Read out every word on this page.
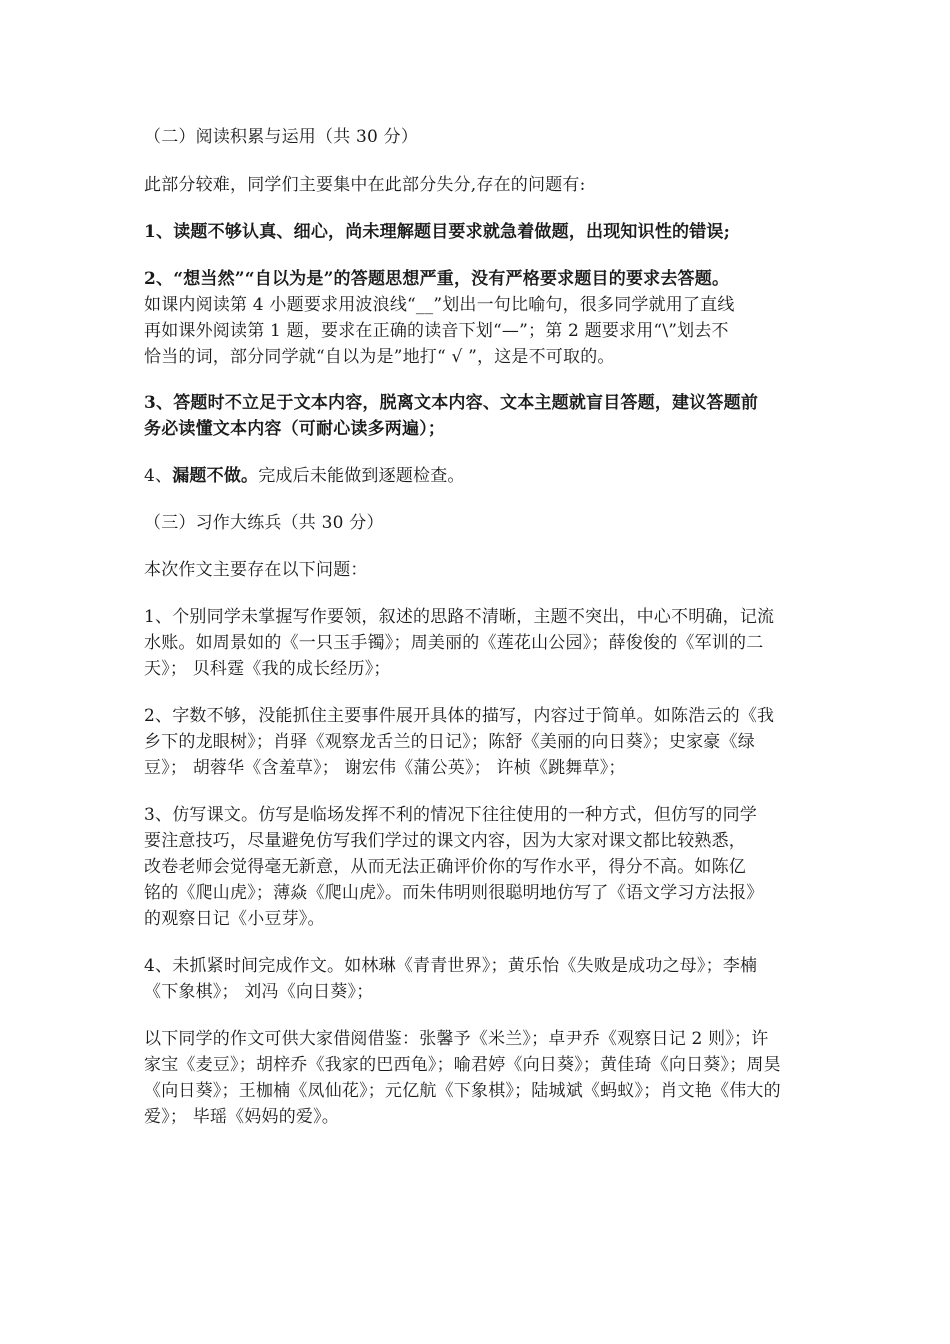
（二）阅读积累与运用（共 30 分）
此部分较难，同学们主要集中在此部分失分,存在的问题有:
1、读题不够认真、细心，尚未理解题目要求就急着做题，出现知识性的错误;
2、“想当然”“自以为是”的答题思想严重，没有严格要求题目的要求去答题。
如课内阅读第 4 小题要求用波浪线“__”划出一句比喻句，很多同学就用了直线
再如课外阅读第 1 题，要求在正确的读音下划“—”；第 2 题要求用“\”划去不
恰当的词，部分同学就“自以为是”地打“ √ ”，这是不可取的。
3、答题时不立足于文本内容，脱离文本内容、文本主题就盲目答题，建议答题前
务必读懂文本内容（可耐心读多两遍）；
4、漏题不做。完成后未能做到逐题检查。
（三）习作大练兵（共 30 分）
本次作文主要存在以下问题：
1、个别同学未掌握写作要领，叙述的思路不清晰，主题不突出，中心不明确，记流
水账。如周景如的《一只玉手镯》；周美丽的《莲花山公园》；薛俊俊的《军训的二
天》； 贝科霆《我的成长经历》；
2、字数不够，没能抓住主要事件展开具体的描写，内容过于简单。如陈浩云的《我
乡下的龙眼树》；肖驿《观察龙舌兰的日记》；陈舒《美丽的向日葵》；史家豪《绿
豆》； 胡蓉华《含羞草》； 谢宏伟《蒲公英》； 许桢《跳舞草》；
3、仿写课文。仿写是临场发挥不利的情况下往往使用的一种方式，但仿写的同学
要注意技巧，尽量避免仿写我们学过的课文内容，因为大家对课文都比较熟悉，
改卷老师会觉得毫无新意，从而无法正确评价你的写作水平，得分不高。如陈亿
铭的《爬山虎》；薄焱《爬山虎》。而朱伟明则很聪明地仿写了《语文学习方法报》
的观察日记《小豆芽》。
4、未抓紧时间完成作文。如林琳《青青世界》；黄乐怡《失败是成功之母》；李楠
《下象棋》； 刘冯《向日葵》；
以下同学的作文可供大家借阅借鉴：张馨予《米兰》；卓尹乔《观察日记 2 则》；许
家宝《麦豆》；胡梓乔《我家的巴西龟》；喻君婷《向日葵》；黄佳琦《向日葵》；周昊
《向日葵》；王枷楠《凤仙花》；元亿航《下象棋》；陆城斌《蚂蚁》；肖文艳《伟大的
爱》； 毕瑶《妈妈的爱》。
